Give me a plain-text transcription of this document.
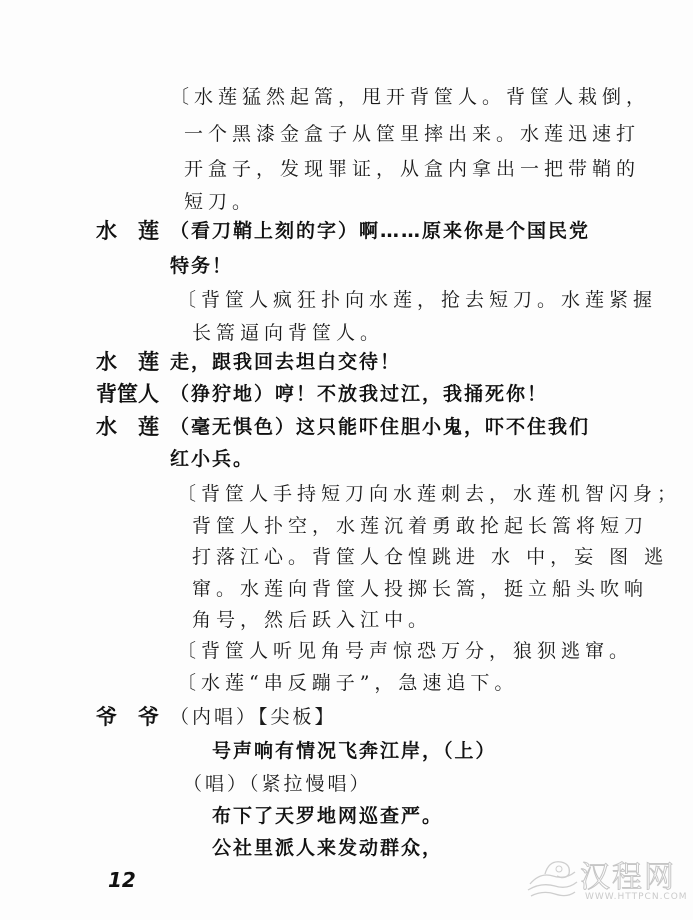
〔水莲猛然起篙，甩开背筐人。背筐人栽倒，
一个黑漆金盒子从筐里摔出来。水莲迅速打
开盒子，发现罪证，从盒内拿出一把带鞘的
短刀。
水　莲 （看刀鞘上刻的字）啊……原来你是个国民党
特务！
〔背筐人疯狂扑向水莲，抢去短刀。水莲紧握
长篙逼向背筐人。
水　莲 走，跟我回去坦白交待！
背筐人 （狰狞地）哼！不放我过江，我捅死你！
水　莲 （毫无惧色）这只能吓住胆小鬼，吓不住我们
红小兵。
〔背筐人手持短刀向水莲刺去，水莲机智闪身；
背筐人扑空，水莲沉着勇敢抡起长篙将短刀
打落江心。背筐人仓惶跳进 水 中，妄 图 逃
窜。水莲向背筐人投掷长篙，挺立船头吹响
角号，然后跃入江中。
〔背筐人听见角号声惊恐万分，狼狈逃窜。
〔水莲“串反蹦子”，急速追下。
爷　爷 （内唱）【尖板】
号声响有情况飞奔江岸，（上）
（唱）（紧拉慢唱）
布下了天罗地网巡查严。
公社里派人来发动群众，
12	汉程网
WWW.HTTPCN.COM
